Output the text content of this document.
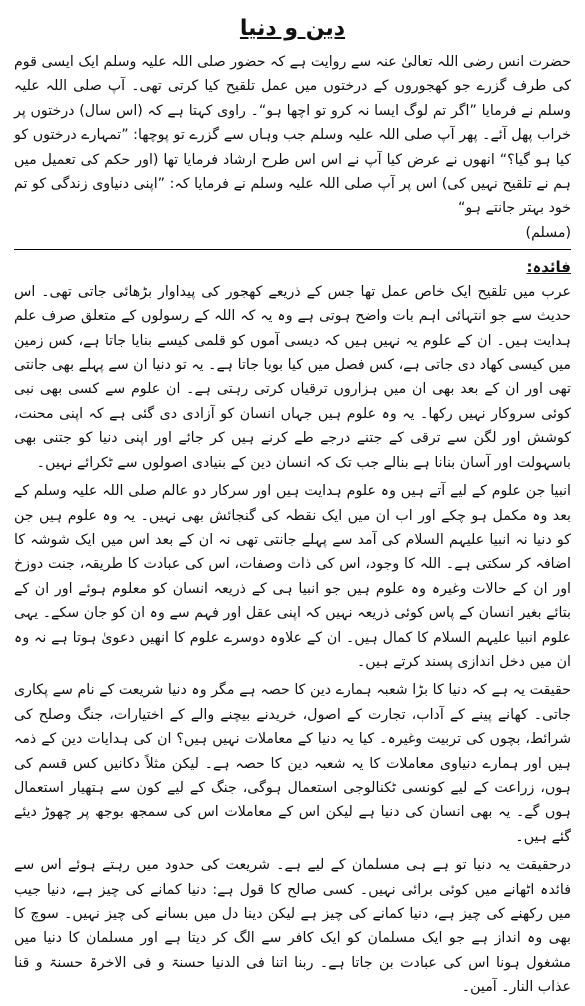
دین و دنیا

حضرت انس رضی اللہ تعالیٰ عنہ سے روایت ہے کہ حضور صلی اللہ علیہ وسلم ایک ایسی قوم کی طرف گزرے جو کھجوروں کے درختوں میں عمل تلقیح کیا کرتی تھی۔ آپ صلی اللہ علیہ وسلم نے فرمایا ”اگر تم لوگ ایسا نہ کرو تو اچھا ہو“۔ راوی کہتا ہے کہ (اس سال) درختوں پر خراب پھل آئے۔ پھر آپ صلی اللہ علیہ وسلم جب وہاں سے گزرے تو پوچھا: ”تمہارے درختوں کو کیا ہو گیا؟“ انھوں نے عرض کیا آپ نے اس اس طرح ارشاد فرمایا تھا (اور حکم کی تعمیل میں ہم نے تلقیح نہیں کی) اس پر آپ صلی اللہ علیہ وسلم نے فرمایا کہ: ”اپنی دنیاوی زندگی کو تم خود بہتر جانتے ہو“

(مسلم)

فائدہ:

عرب میں تلقیح ایک خاص عمل تھا جس کے ذریعے کھجور کی پیداوار بڑھائی جاتی تھی۔ اس حدیث سے جو انتہائی اہم بات واضح ہوتی ہے وہ یہ کہ اللہ کے رسولوں کے متعلق صرف علم ہدایت ہیں۔ ان کے علوم یہ نہیں ہیں کہ دیسی آموں کو قلمی کیسے بنایا جاتا ہے، کس زمین میں کیسی کھاد دی جاتی ہے، کس فصل میں کیا بویا جاتا ہے۔ یہ تو دنیا ان سے پہلے بھی جانتی تھی اور ان کے بعد بھی ان میں ہزاروں ترقیاں کرتی رہتی ہے۔ ان علوم سے کسی بھی نبی کوئی سروکار نہیں رکھا۔ یہ وہ علوم ہیں جہاں انسان کو آزادی دی گئی ہے کہ اپنی محنت، کوشش اور لگن سے ترقی کے جتنے درجے طے کرنے ہیں کر جائے اور اپنی دنیا کو جتنی بھی باسہولت اور آسان بنانا ہے بنالے جب تک کہ انسان دین کے بنیادی اصولوں سے ٹکرائے نہیں۔

انبیا جن علوم کے لیے آتے ہیں وہ علوم ہدایت ہیں اور سرکار دو عالم صلی اللہ علیہ وسلم کے بعد وہ مکمل ہو چکے اور اب ان میں ایک نقطہ کی گنجائش بھی نہیں۔ یہ وہ علوم ہیں جن کو دنیا نہ انبیا علیہم السلام کی آمد سے پہلے جانتی تھی نہ ان کے بعد اس میں ایک شوشہ کا اضافہ کر سکتی ہے۔ اللہ کا وجود، اس کی ذات وصفات، اس کی عبادت کا طریقہ، جنت دوزخ اور ان کے حالات وغیرہ وہ علوم ہیں جو انبیا ہی کے ذریعہ انسان کو معلوم ہوئے اور ان کے بتائے بغیر انسان کے پاس کوئی ذریعہ نہیں کہ اپنی عقل اور فہم سے وہ ان کو جان سکے۔ یہی علوم انبیا علیہم السلام کا کمال ہیں۔ ان کے علاوہ دوسرے علوم کا انھیں دعویٰ ہوتا ہے نہ وہ ان میں دخل اندازی پسند کرتے ہیں۔

حقیقت یہ ہے کہ دنیا کا بڑا شعبہ ہمارے دین کا حصہ ہے مگر وہ دنیا شریعت کے نام سے پکاری جاتی۔ کھانے پینے کے آداب، تجارت کے اصول، خریدنے بیچنے والے کے اختیارات، جنگ وصلح کی شرائط، بچوں کی تربیت وغیرہ۔ کیا یہ دنیا کے معاملات نہیں ہیں؟ ان کی ہدایات دین کے ذمہ ہیں اور ہمارے دنیاوی معاملات کا یہ شعبہ دین کا حصہ ہے۔ لیکن مثلاً دکانیں کس قسم کی ہوں، زراعت کے لیے کونسی ٹکنالوجی استعمال ہوگی، جنگ کے لیے کون سے ہتھیار استعمال ہوں گے۔ یہ بھی انسان کی دنیا ہے لیکن اس کے معاملات اس کی سمجھ بوجھ پر چھوڑ دیئے گئے ہیں۔

درحقیقت یہ دنیا تو ہے ہی مسلمان کے لیے ہے۔ شریعت کی حدود میں رہتے ہوئے اس سے فائدہ اٹھانے میں کوئی برائی نہیں۔ کسی صالح کا قول ہے: دنیا کمانے کی چیز ہے، دنیا جیب میں رکھنے کی چیز ہے، دنیا کمانے کی چیز ہے لیکن دینا دل میں بسانے کی چیز نہیں۔ سوچ کا بھی وہ انداز ہے جو ایک مسلمان کو ایک کافر سے الگ کر دیتا ہے اور مسلمان کا دنیا میں مشغول ہونا اس کی عبادت بن جاتا ہے۔ ربنا اتنا فی الدنیا حسنۃ و فی الاخرۃ حسنۃ و قنا عذاب النار۔ آمین۔
